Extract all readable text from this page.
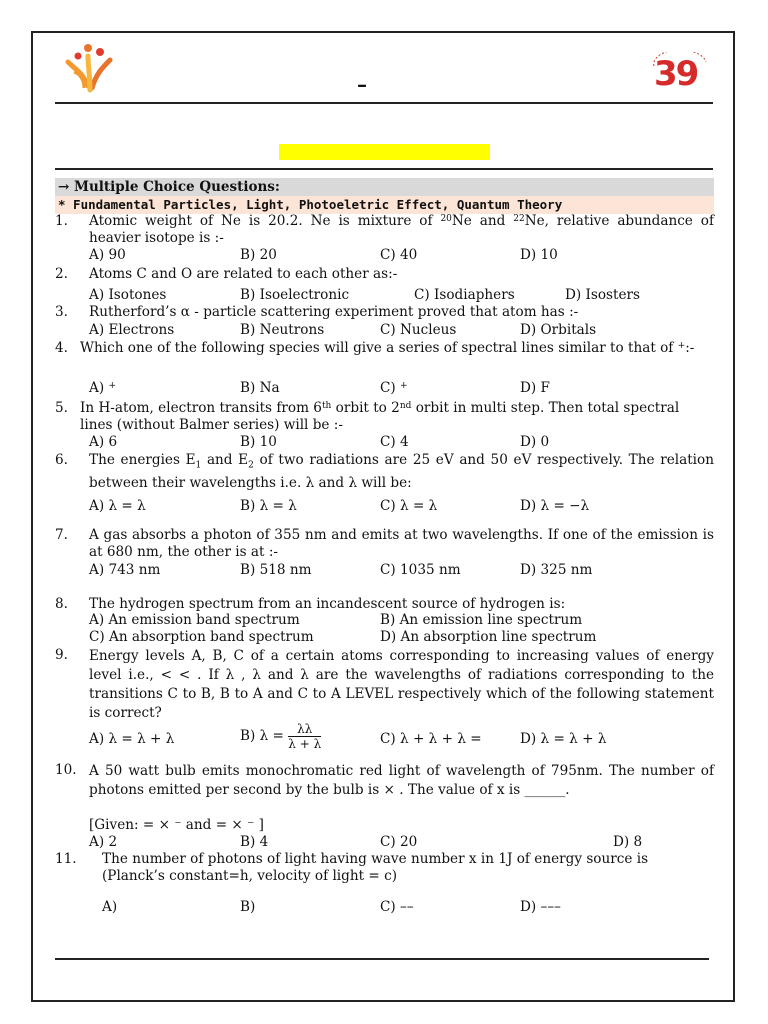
39
–
→ Multiple Choice Questions:
* Fundamental Particles, Light, Photoeletric Effect, Quantum Theory
1. Atomic weight of Ne is 20.2. Ne is mixture of $^{20}$Ne and $^{22}$Ne, relative abundance of heavier isotope is :-
A) 90	B) 20	C) 40	D) 10
2. Atoms C and O are related to each other as:-
A) Isotones	B) Isoelectronic	C) Isodiaphers	D) Isosters
3. Rutherford’s α - particle scattering experiment proved that atom has :-
A) Electrons	B) Neutrons	C) Nucleus	D) Orbitals
4. Which one of the following species will give a series of spectral lines similar to that of +:-
A) +	B) Na	C) +	D) F
5. In H-atom, electron transits from 6th orbit to 2nd orbit in multi step. Then total spectral lines (without Balmer series) will be :-
A) 6	B) 10	C) 4	D) 0
6. The energies $E_1$ and $E_2$ of two radiations are 25 eV and 50 eV respectively. The relation between their wavelengths i.e. λ and λ will be:
A) λ = λ	B) λ = λ	C) λ = λ	D) λ = −λ
7. A gas absorbs a photon of 355 nm and emits at two wavelengths. If one of the emission is at 680 nm, the other is at :-
A) 743 nm	B) 518 nm	C) 1035 nm	D) 325 nm
8. The hydrogen spectrum from an incandescent source of hydrogen is:
A) An emission band spectrum	B) An emission line spectrum
C) An absorption band spectrum	D) An absorption line spectrum
9. Energy levels A, B, C of a certain atoms corresponding to increasing values of energy level i.e., < < . If λ , λ and λ are the wavelengths of radiations corresponding to the transitions C to B, B to A and C to A LEVEL respectively which of the following statement is correct?
A) λ = λ + λ	B) $\lambda = \frac{\lambda\lambda}{\lambda + \lambda}$	C) λ + λ + λ =	D) λ = λ + λ
10. A 50 watt bulb emits monochromatic red light of wavelength of 795nm. The number of photons emitted per second by the bulb is × . The value of x is ______.
[Given: = × ⁻ and = × ⁻ ]
A) 2	B) 4	C) 20	D) 8
11. The number of photons of light having wave number x in 1J of energy source is (Planck’s constant=h, velocity of light = c)
A)	B)	C) ––	D) –––
